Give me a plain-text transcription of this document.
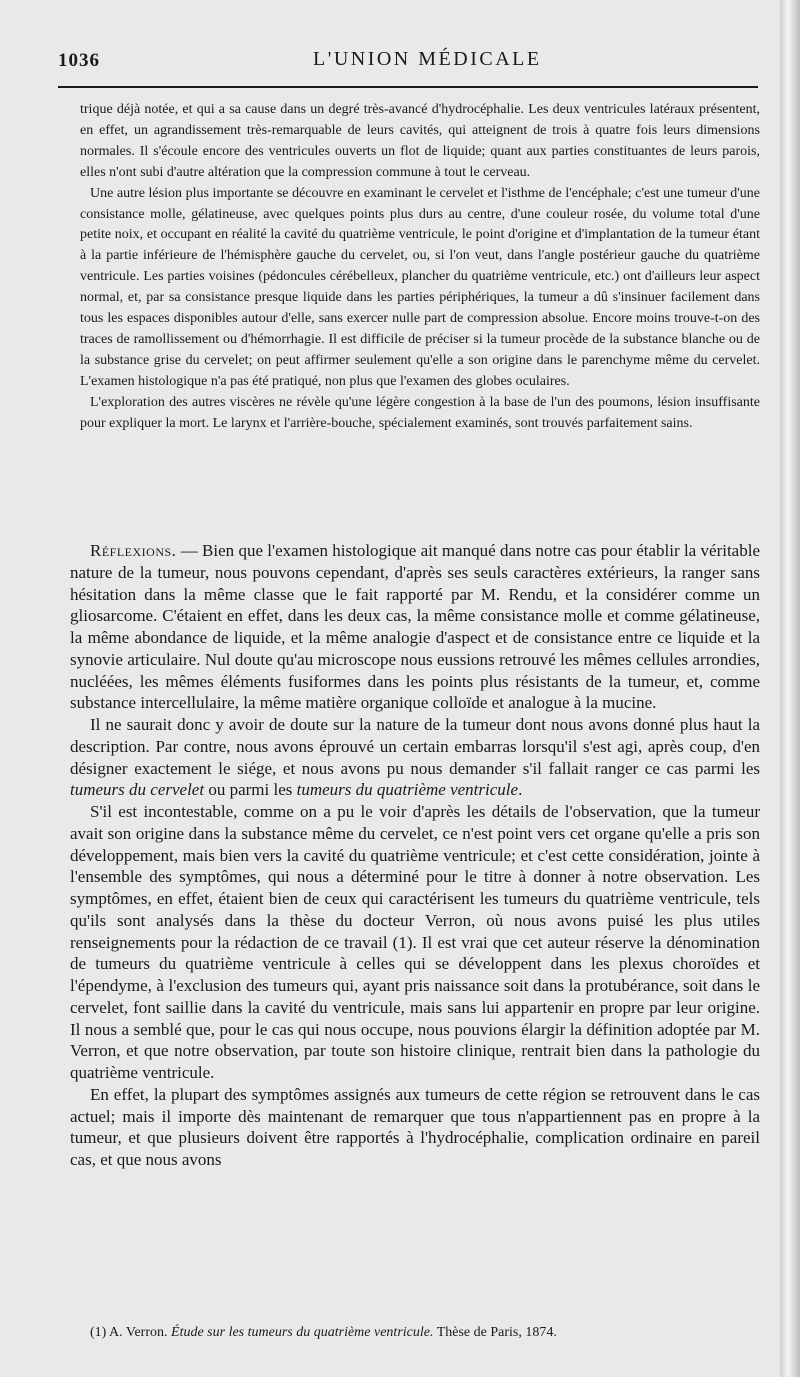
1036	L'UNION MÉDICALE

trique déjà notée, et qui a sa cause dans un degré très-avancé d'hydrocéphalie. Les deux ventricules latéraux présentent, en effet, un agrandissement très-remarquable de leurs cavités, qui atteignent de trois à quatre fois leurs dimensions normales. Il s'écoule encore des ventricules ouverts un flot de liquide; quant aux parties constituantes de leurs parois, elles n'ont subi d'autre altération que la compression commune à tout le cerveau.

Une autre lésion plus importante se découvre en examinant le cervelet et l'isthme de l'encéphale; c'est une tumeur d'une consistance molle, gélatineuse, avec quelques points plus durs au centre, d'une couleur rosée, du volume total d'une petite noix, et occupant en réalité la cavité du quatrième ventricule, le point d'origine et d'implantation de la tumeur étant à la partie inférieure de l'hémisphère gauche du cervelet, ou, si l'on veut, dans l'angle postérieur gauche du quatrième ventricule. Les parties voisines (pédoncules cérébelleux, plancher du quatrième ventricule, etc.) ont d'ailleurs leur aspect normal, et, par sa consistance presque liquide dans les parties périphériques, la tumeur a dû s'insinuer facilement dans tous les espaces disponibles autour d'elle, sans exercer nulle part de compression absolue. Encore moins trouve-t-on des traces de ramollissement ou d'hémorrhagie. Il est difficile de préciser si la tumeur procède de la substance blanche ou de la substance grise du cervelet; on peut affirmer seulement qu'elle a son origine dans le parenchyme même du cervelet. L'examen histologique n'a pas été pratiqué, non plus que l'examen des globes oculaires.

L'exploration des autres viscères ne révèle qu'une légère congestion à la base de l'un des poumons, lésion insuffisante pour expliquer la mort. Le larynx et l'arrière-bouche, spécialement examinés, sont trouvés parfaitement sains.

Réflexions. — Bien que l'examen histologique ait manqué dans notre cas pour établir la véritable nature de la tumeur, nous pouvons cependant, d'après ses seuls caractères extérieurs, la ranger sans hésitation dans la même classe que le fait rapporté par M. Rendu, et la considérer comme un gliosarcome. C'étaient en effet, dans les deux cas, la même consistance molle et comme gélatineuse, la même abondance de liquide, et la même analogie d'aspect et de consistance entre ce liquide et la synovie articulaire. Nul doute qu'au microscope nous eussions retrouvé les mêmes cellules arrondies, nucléées, les mêmes éléments fusiformes dans les points plus résistants de la tumeur, et, comme substance intercellulaire, la même matière organique colloïde et analogue à la mucine.

Il ne saurait donc y avoir de doute sur la nature de la tumeur dont nous avons donné plus haut la description. Par contre, nous avons éprouvé un certain embarras lorsqu'il s'est agi, après coup, d'en désigner exactement le siége, et nous avons pu nous demander s'il fallait ranger ce cas parmi les tumeurs du cervelet ou parmi les tumeurs du quatrième ventricule.

S'il est incontestable, comme on a pu le voir d'après les détails de l'observation, que la tumeur avait son origine dans la substance même du cervelet, ce n'est point vers cet organe qu'elle a pris son développement, mais bien vers la cavité du quatrième ventricule; et c'est cette considération, jointe à l'ensemble des symptômes, qui nous a déterminé pour le titre à donner à notre observation. Les symptômes, en effet, étaient bien de ceux qui caractérisent les tumeurs du quatrième ventricule, tels qu'ils sont analysés dans la thèse du docteur Verron, où nous avons puisé les plus utiles renseignements pour la rédaction de ce travail (1). Il est vrai que cet auteur réserve la dénomination de tumeurs du quatrième ventricule à celles qui se développent dans les plexus choroïdes et l'épendyme, à l'exclusion des tumeurs qui, ayant pris naissance soit dans la protubérance, soit dans le cervelet, font saillie dans la cavité du ventricule, mais sans lui appartenir en propre par leur origine. Il nous a semblé que, pour le cas qui nous occupe, nous pouvions élargir la définition adoptée par M. Verron, et que notre observation, par toute son histoire clinique, rentrait bien dans la pathologie du quatrième ventricule.

En effet, la plupart des symptômes assignés aux tumeurs de cette région se retrouvent dans le cas actuel; mais il importe dès maintenant de remarquer que tous n'appartiennent pas en propre à la tumeur, et que plusieurs doivent être rapportés à l'hydrocéphalie, complication ordinaire en pareil cas, et que nous avons

(1) A. Verron. Étude sur les tumeurs du quatrième ventricule. Thèse de Paris, 1874.
